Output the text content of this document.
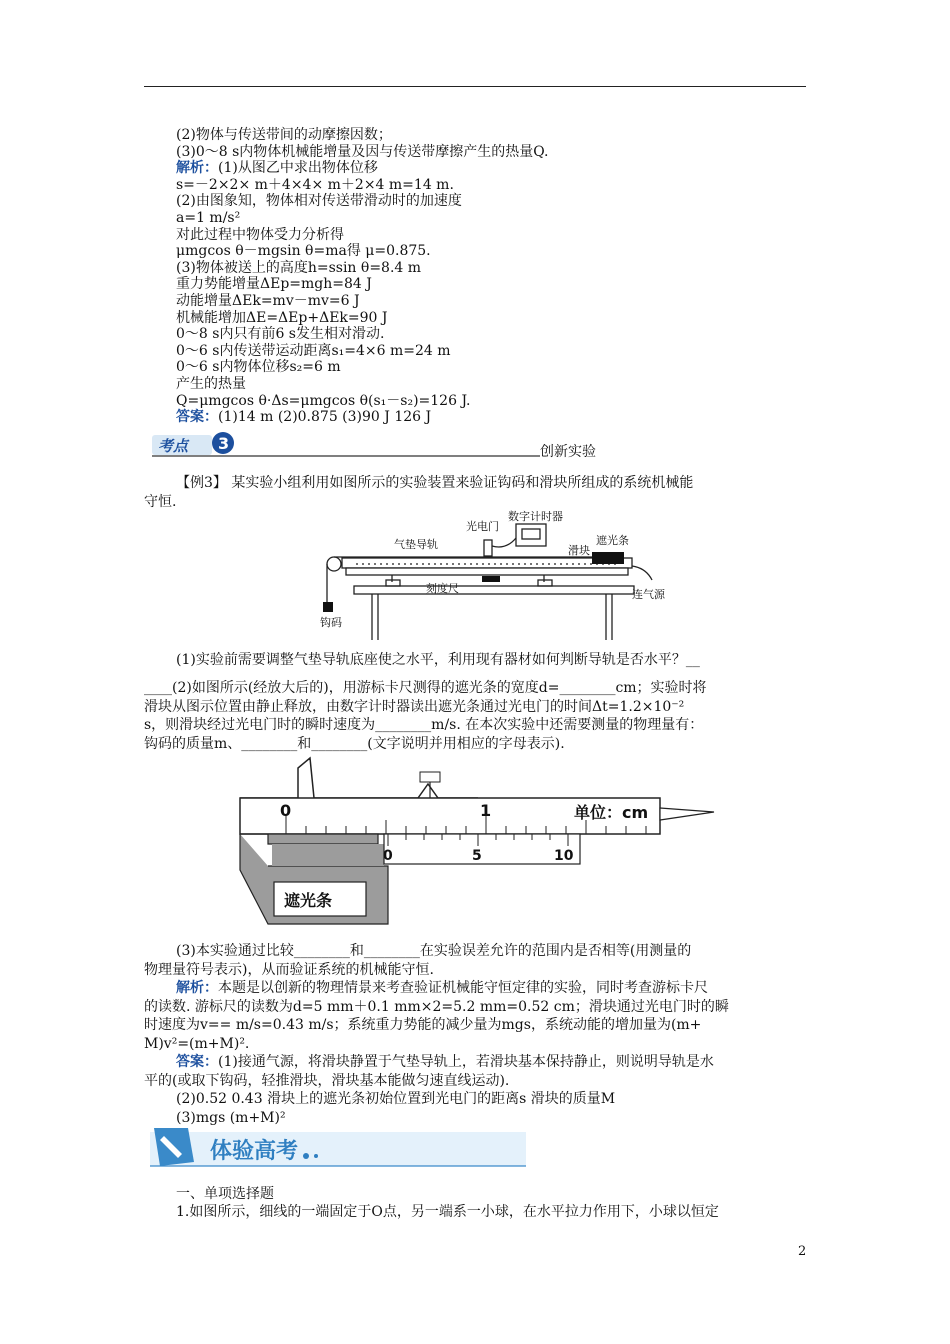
(2)物体与传送带间的动摩擦因数；
(3)0～8 s内物体机械能增量及因与传送带摩擦产生的热量Q.
解析：(1)从图乙中求出物体位移
s=－2×2× m＋4×4× m＋2×4 m=14 m.
(2)由图象知，物体相对传送带滑动时的加速度
a=1 m/s²
对此过程中物体受力分析得
μmgcos θ－mgsin θ=ma得 μ=0.875.
(3)物体被送上的高度h=ssin θ=8.4 m
重力势能增量ΔEp=mgh=84 J
动能增量ΔEk=mv－mv=6 J
机械能增加ΔE=ΔEp+ΔEk=90 J
0～8 s内只有前6 s发生相对滑动.
0～6 s内传送带运动距离s₁=4×6 m=24 m
0～6 s内物体位移s₂=6 m
产生的热量
Q=μmgcos θ·Δs=μmgcos θ(s₁－s₂)=126 J.
答案：(1)14 m (2)0.875 (3)90 J 126 J
考点 3	创新实验
【例3】 某实验小组利用如图所示的实验装置来验证钩码和滑块所组成的系统机械能
守恒.
数字计时器
光电门
气垫导轨	滑块
遮光条
刻度尺	连气源
钩码
(1)实验前需要调整气垫导轨底座使之水平，利用现有器材如何判断导轨是否水平？__
____(2)如图所示(经放大后的)，用游标卡尺测得的遮光条的宽度d=________cm；实验时将
滑块从图示位置由静止释放，由数字计时器读出遮光条通过光电门的时间Δt=1.2×10⁻²
s，则滑块经过光电门时的瞬时速度为________m/s. 在本次实验中还需要测量的物理量有：
钩码的质量m、________和________(文字说明并用相应的字母表示).
0	1	单位：cm
0	5	10
遮光条
(3)本实验通过比较________和________在实验误差允许的范围内是否相等(用测量的
物理量符号表示)，从而验证系统的机械能守恒.
解析：本题是以创新的物理情景来考查验证机械能守恒定律的实验，同时考查游标卡尺
的读数. 游标尺的读数为d=5 mm＋0.1 mm×2=5.2 mm=0.52 cm；滑块通过光电门时的瞬
时速度为v== m/s=0.43 m/s；系统重力势能的减少量为mgs，系统动能的增加量为(m+
M)v²=(m+M)².
答案：(1)接通气源，将滑块静置于气垫导轨上，若滑块基本保持静止，则说明导轨是水
平的(或取下钩码，轻推滑块，滑块基本能做匀速直线运动).
(2)0.52 0.43 滑块上的遮光条初始位置到光电门的距离s 滑块的质量M
(3)mgs (m+M)²
体验高考
一、单项选择题
1.如图所示，细线的一端固定于O点，另一端系一小球，在水平拉力作用下，小球以恒定
2
